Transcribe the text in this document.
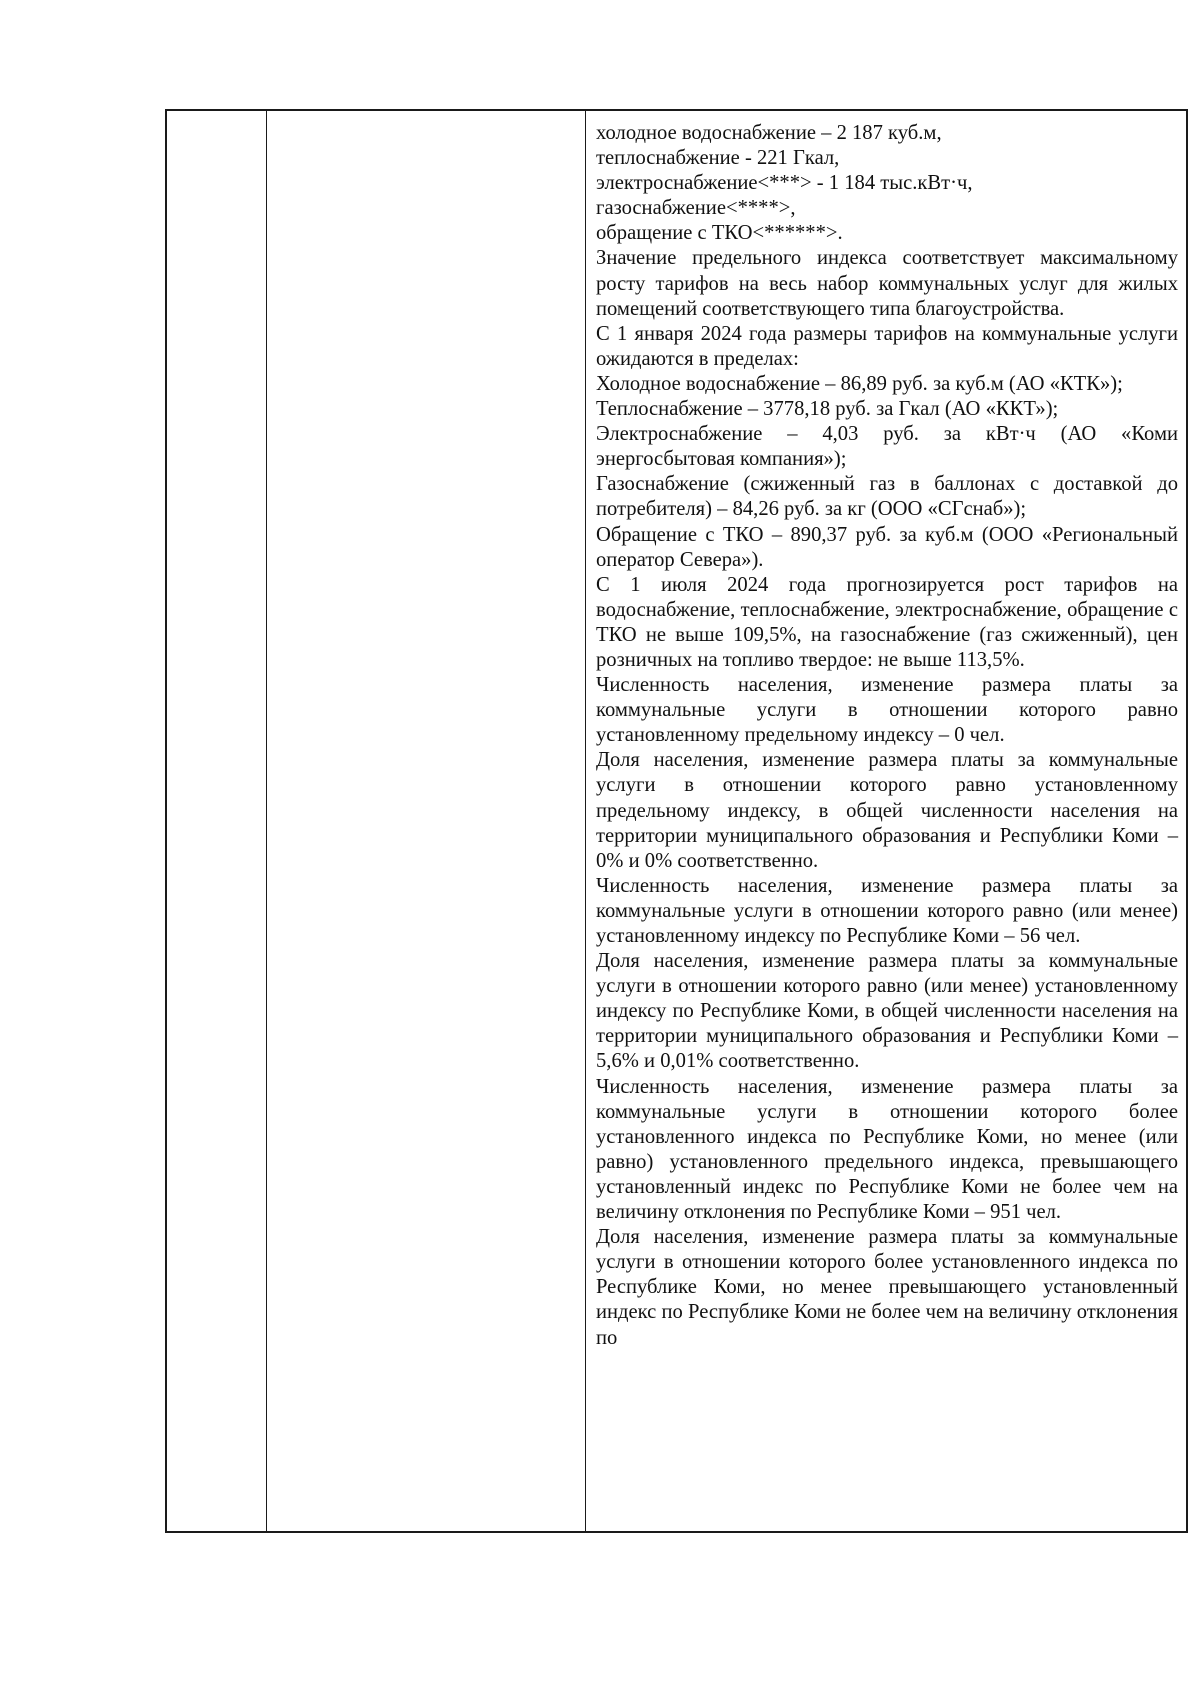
холодное водоснабжение – 2 187 куб.м,

теплоснабжение - 221 Гкал,

электроснабжение<***> - 1 184 тыс.кВт·ч,

газоснабжение<****>,

обращение с ТКО<******>.

Значение предельного индекса соответствует максимальному росту тарифов на весь набор коммунальных услуг для жилых помещений соответствующего типа благоустройства.

С 1 января 2024 года размеры тарифов на коммунальные услуги ожидаются в пределах:

Холодное водоснабжение – 86,89 руб. за куб.м (АО «КТК»);

Теплоснабжение – 3778,18 руб. за Гкал (АО «ККТ»);

Электроснабжение – 4,03 руб. за кВт·ч (АО «Коми энергосбытовая компания»);

Газоснабжение (сжиженный газ в баллонах с доставкой до потребителя) – 84,26 руб. за кг (ООО «СГснаб»);

Обращение с ТКО – 890,37 руб. за куб.м (ООО «Региональный оператор Севера»).

С 1 июля 2024 года прогнозируется рост тарифов на водоснабжение, теплоснабжение, электроснабжение, обращение с ТКО не выше 109,5%, на газоснабжение (газ сжиженный), цен розничных на топливо твердое: не выше 113,5%.

Численность населения, изменение размера платы за коммунальные услуги в отношении которого равно установленному предельному индексу – 0 чел.

Доля населения, изменение размера платы за коммунальные услуги в отношении которого равно установленному предельному индексу, в общей численности населения на территории муниципального образования и Республики Коми – 0% и 0% соответственно.

Численность населения, изменение размера платы за коммунальные услуги в отношении которого равно (или менее) установленному индексу по Республике Коми – 56 чел.

Доля населения, изменение размера платы за коммунальные услуги в отношении которого равно (или менее) установленному индексу по Республике Коми, в общей численности населения на территории муниципального образования и Республики Коми – 5,6% и 0,01% соответственно.

Численность населения, изменение размера платы за коммунальные услуги в отношении которого более установленного индекса по Республике Коми, но менее (или равно) установленного предельного индекса, превышающего установленный индекс по Республике Коми не более чем на величину отклонения по Республике Коми – 951 чел.

Доля населения, изменение размера платы за коммунальные услуги в отношении которого более установленного индекса по Республике Коми, но менее превышающего установленный индекс по Республике Коми не более чем на величину отклонения по
